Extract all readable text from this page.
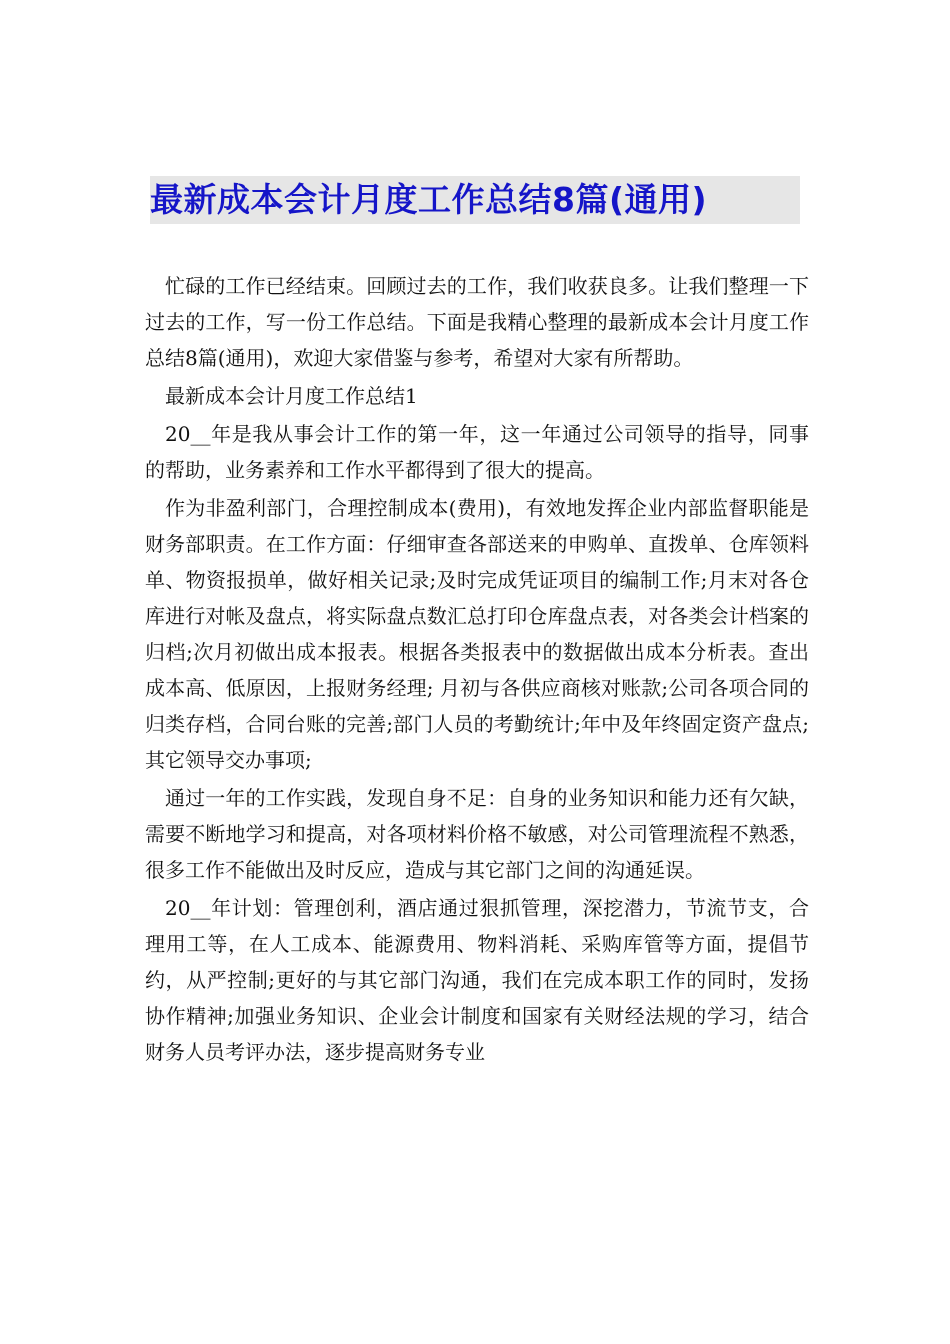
最新成本会计月度工作总结8篇(通用)

忙碌的工作已经结束。回顾过去的工作，我们收获良多。让我们整理一下过去的工作，写一份工作总结。下面是我精心整理的最新成本会计月度工作总结8篇(通用)，欢迎大家借鉴与参考，希望对大家有所帮助。

最新成本会计月度工作总结1

20__年是我从事会计工作的第一年，这一年通过公司领导的指导，同事的帮助，业务素养和工作水平都得到了很大的提高。

作为非盈利部门，合理控制成本(费用)，有效地发挥企业内部监督职能是财务部职责。在工作方面：仔细审查各部送来的申购单、直拨单、仓库领料单、物资报损单，做好相关记录;及时完成凭证项目的编制工作;月末对各仓库进行对帐及盘点，将实际盘点数汇总打印仓库盘点表，对各类会计档案的归档;次月初做出成本报表。根据各类报表中的数据做出成本分析表。查出成本高、低原因，上报财务经理; 月初与各供应商核对账款;公司各项合同的归类存档，合同台账的完善;部门人员的考勤统计;年中及年终固定资产盘点;其它领导交办事项;

通过一年的工作实践，发现自身不足：自身的业务知识和能力还有欠缺，需要不断地学习和提高，对各项材料价格不敏感，对公司管理流程不熟悉，很多工作不能做出及时反应，造成与其它部门之间的沟通延误。

20__年计划：管理创利，酒店通过狠抓管理，深挖潜力，节流节支，合理用工等，在人工成本、能源费用、物料消耗、采购库管等方面，提倡节约，从严控制;更好的与其它部门沟通，我们在完成本职工作的同时，发扬协作精神;加强业务知识、企业会计制度和国家有关财经法规的学习，结合财务人员考评办法，逐步提高财务专业
